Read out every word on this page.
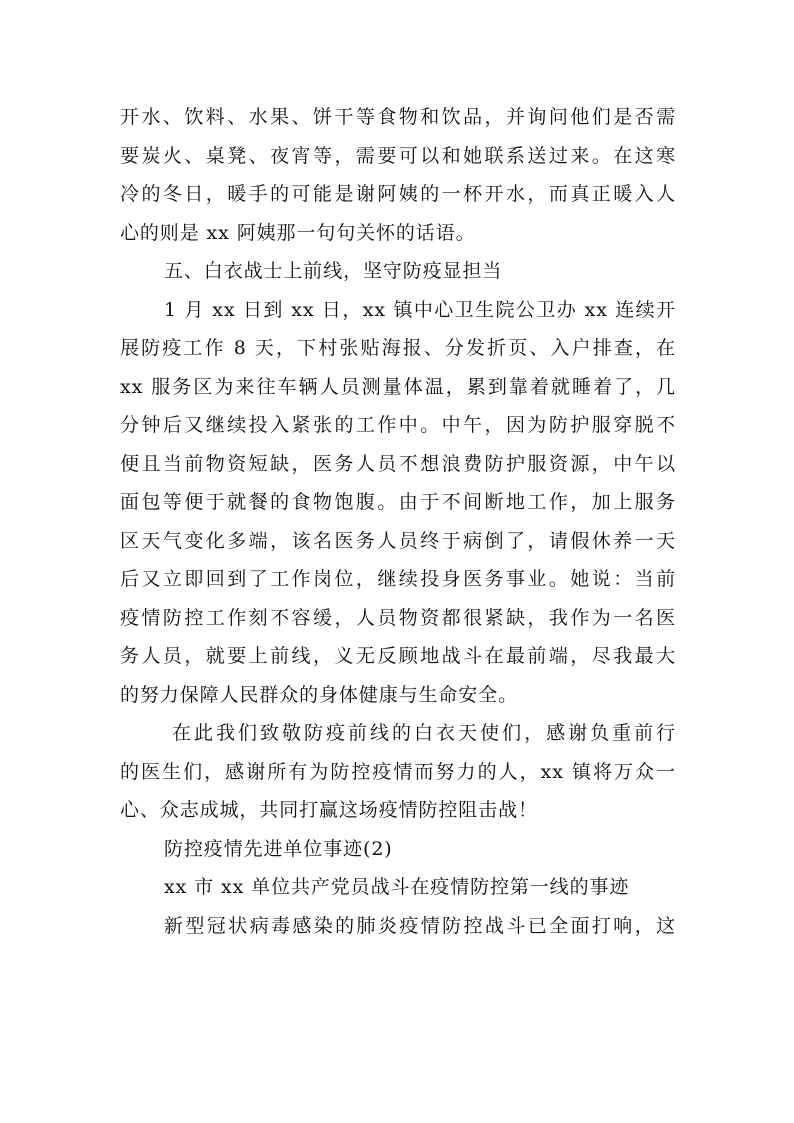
开水、饮料、水果、饼干等食物和饮品，并询问他们是否需
要炭火、桌凳、夜宵等，需要可以和她联系送过来。在这寒
冷的冬日，暖手的可能是谢阿姨的一杯开水，而真正暖入人
心的则是 xx 阿姨那一句句关怀的话语。
五、白衣战士上前线，坚守防疫显担当
1 月 xx 日到 xx 日，xx 镇中心卫生院公卫办 xx 连续开
展防疫工作 8 天，下村张贴海报、分发折页、入户排查，在
xx 服务区为来往车辆人员测量体温，累到靠着就睡着了，几
分钟后又继续投入紧张的工作中。中午，因为防护服穿脱不
便且当前物资短缺，医务人员不想浪费防护服资源，中午以
面包等便于就餐的食物饱腹。由于不间断地工作，加上服务
区天气变化多端，该名医务人员终于病倒了，请假休养一天
后又立即回到了工作岗位，继续投身医务事业。她说：当前
疫情防控工作刻不容缓，人员物资都很紧缺，我作为一名医
务人员，就要上前线，义无反顾地战斗在最前端，尽我最大
的努力保障人民群众的身体健康与生命安全。
在此我们致敬防疫前线的白衣天使们，感谢负重前行
的医生们，感谢所有为防控疫情而努力的人，xx 镇将万众一
心、众志成城，共同打赢这场疫情防控阻击战！
防控疫情先进单位事迹(2)
xx 市 xx 单位共产党员战斗在疫情防控第一线的事迹
新型冠状病毒感染的肺炎疫情防控战斗已全面打响，这
